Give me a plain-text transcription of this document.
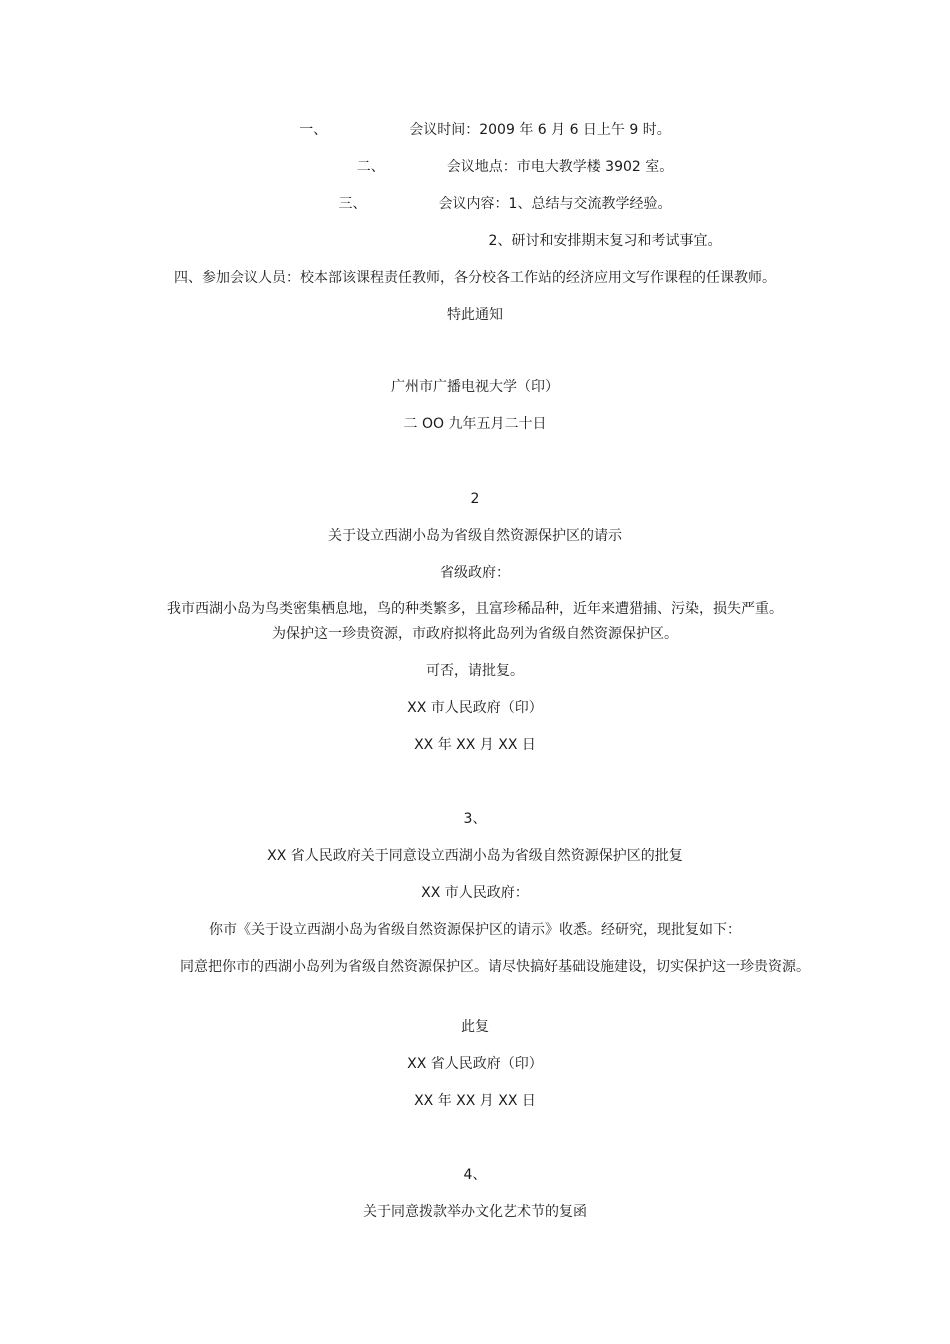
一、	会议时间：2009 年 6 月 6 日上午 9 时。
二、	会议地点：市电大教学楼 3902 室。
三、	会议内容：1、总结与交流教学经验。
2、研讨和安排期末复习和考试事宜。
四、参加会议人员：校本部该课程责任教师，各分校各工作站的经济应用文写作课程的任课教师。
特此通知
广州市广播电视大学（印）
二 OO 九年五月二十日
2
关于设立西湖小岛为省级自然资源保护区的请示
省级政府：
我市西湖小岛为鸟类密集栖息地，鸟的种类繁多，且富珍稀品种，近年来遭猎捕、污染，损失严重。
为保护这一珍贵资源，市政府拟将此岛列为省级自然资源保护区。
可否，请批复。
XX 市人民政府（印）
XX 年 XX 月 XX 日
3、
XX 省人民政府关于同意设立西湖小岛为省级自然资源保护区的批复
XX 市人民政府：
你市《关于设立西湖小岛为省级自然资源保护区的请示》收悉。经研究，现批复如下：
同意把你市的西湖小岛列为省级自然资源保护区。请尽快搞好基础设施建设，切实保护这一珍贵资源。
此复
XX 省人民政府（印）
XX 年 XX 月 XX 日
4、
关于同意拨款举办文化艺术节的复函
